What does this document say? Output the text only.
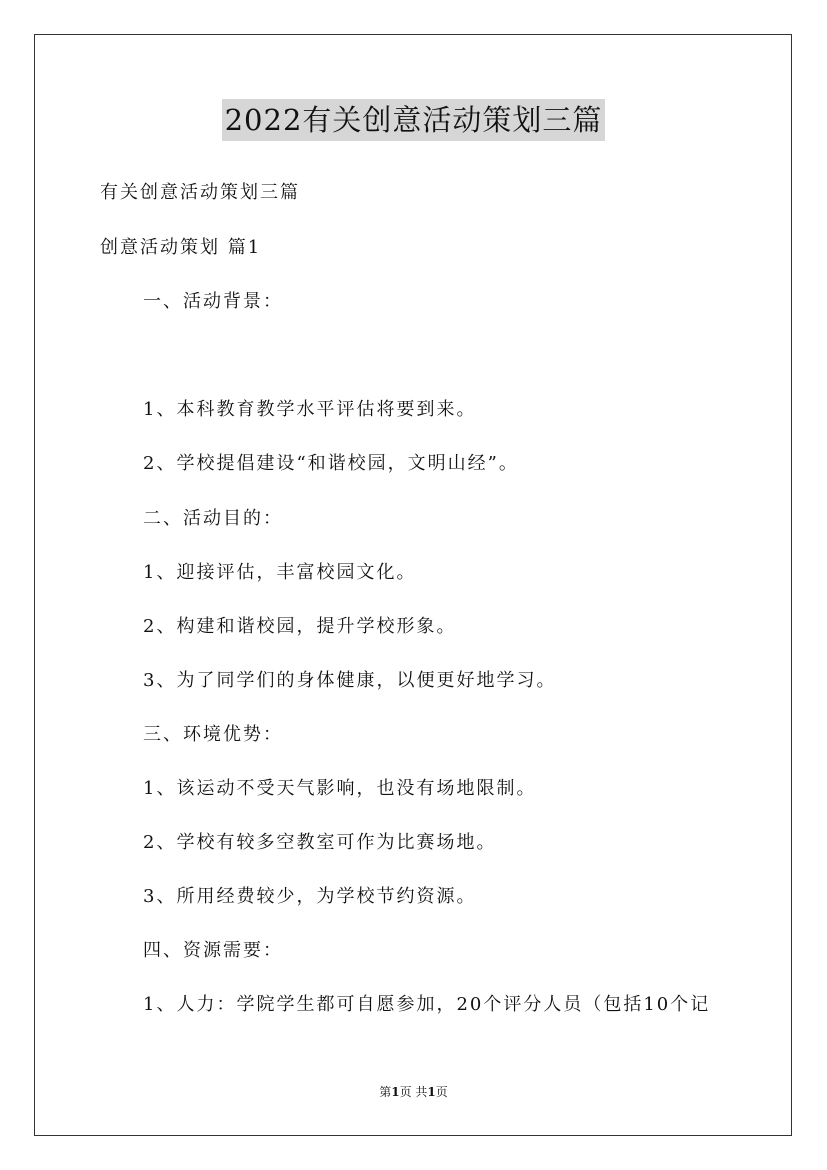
2022有关创意活动策划三篇
有关创意活动策划三篇
创意活动策划 篇1
一、活动背景：
1、本科教育教学水平评估将要到来。
2、学校提倡建设“和谐校园，文明山经”。
二、活动目的：
1、迎接评估，丰富校园文化。
2、构建和谐校园，提升学校形象。
3、为了同学们的身体健康，以便更好地学习。
三、环境优势：
1、该运动不受天气影响，也没有场地限制。
2、学校有较多空教室可作为比赛场地。
3、所用经费较少，为学校节约资源。
四、资源需要：
1、人力：学院学生都可自愿参加，20个评分人员（包括10个记
第1页 共1页
